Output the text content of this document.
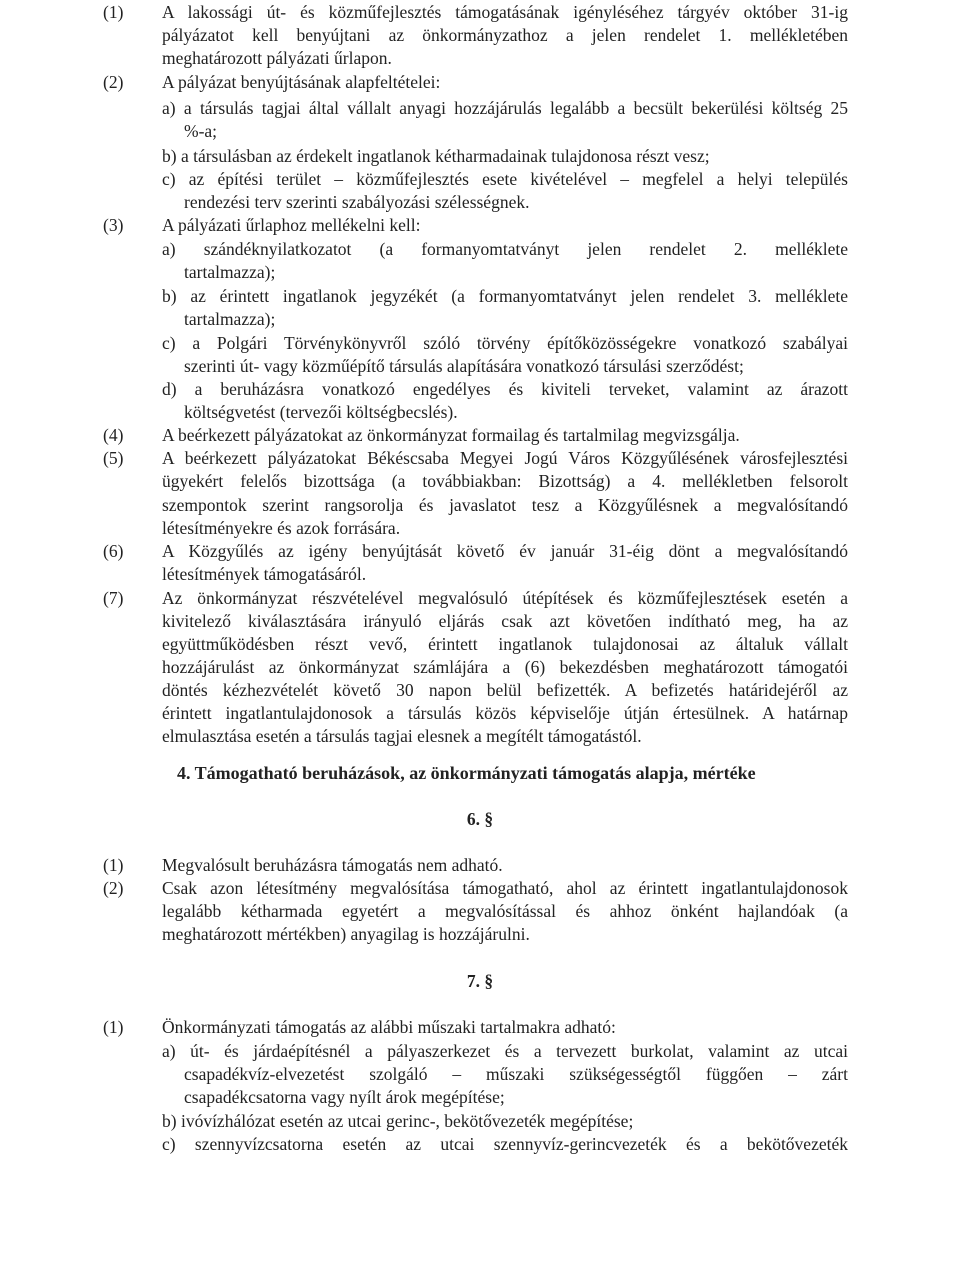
(1) A lakossági út- és közműfejlesztés támogatásának igényléséhez tárgyév október 31-ig
pályázatot kell benyújtani az önkormányzathoz a jelen rendelet 1. mellékletében
meghatározott pályázati űrlapon.
(2) A pályázat benyújtásának alapfeltételei:
a) a társulás tagjai által vállalt anyagi hozzájárulás legalább a becsült bekerülési költség 25
%-a;
b) a társulásban az érdekelt ingatlanok kétharmadainak tulajdonosa részt vesz;
c) az építési terület – közműfejlesztés esete kivételével – megfelel a helyi település
rendezési terv szerinti szabályozási szélességnek.
(3) A pályázati űrlaphoz mellékelni kell:
a) szándéknyilatkozatot (a formanyomtatványt jelen rendelet 2. melléklete
tartalmazza);
b) az érintett ingatlanok jegyzékét (a formanyomtatványt jelen rendelet 3. melléklete
tartalmazza);
c) a Polgári Törvénykönyvről szóló törvény építőközösségekre vonatkozó szabályai
szerinti út- vagy közműépítő társulás alapítására vonatkozó társulási szerződést;
d) a beruházásra vonatkozó engedélyes és kiviteli terveket, valamint az árazott
költségvetést (tervezői költségbecslés).
(4) A beérkezett pályázatokat az önkormányzat formailag és tartalmilag megvizsgálja.
(5) A beérkezett pályázatokat Békéscsaba Megyei Jogú Város Közgyűlésének városfejlesztési
ügyekért felelős bizottsága (a továbbiakban: Bizottság) a 4. mellékletben felsorolt
szempontok szerint rangsorolja és javaslatot tesz a Közgyűlésnek a megvalósítandó
létesítményekre és azok forrására.
(6) A Közgyűlés az igény benyújtását követő év január 31-éig dönt a megvalósítandó
létesítmények támogatásáról.
(7) Az önkormányzat részvételével megvalósuló útépítések és közműfejlesztések esetén a
kivitelező kiválasztására irányuló eljárás csak azt követően indítható meg, ha az
együttműködésben részt vevő, érintett ingatlanok tulajdonosai az általuk vállalt
hozzájárulást az önkormányzat számlájára a (6) bekezdésben meghatározott támogatói
döntés kézhezvételét követő 30 napon belül befizették. A befizetés határidejéről az
érintett ingatlantulajdonosok a társulás közös képviselője útján értesülnek. A határnap
elmulasztása esetén a társulás tagjai elesnek a megítélt támogatástól.
4. Támogatható beruházások, az önkormányzati támogatás alapja, mértéke
6. §
(1) Megvalósult beruházásra támogatás nem adható.
(2) Csak azon létesítmény megvalósítása támogatható, ahol az érintett ingatlantulajdonosok
legalább kétharmada egyetért a megvalósítással és ahhoz önként hajlandóak (a
meghatározott mértékben) anyagilag is hozzájárulni.
7. §
(1) Önkormányzati támogatás az alábbi műszaki tartalmakra adható:
a) út- és járdaépítésnél a pályaszerkezet és a tervezett burkolat, valamint az utcai
csapadékvíz-elvezetést szolgáló – műszaki szükségességtől függően – zárt
csapadékcsatorna vagy nyílt árok megépítése;
b) ivóvízhálózat esetén az utcai gerinc-, bekötővezeték megépítése;
c) szennyvízcsatorna esetén az utcai szennyvíz-gerincvezeték és a bekötővezeték
